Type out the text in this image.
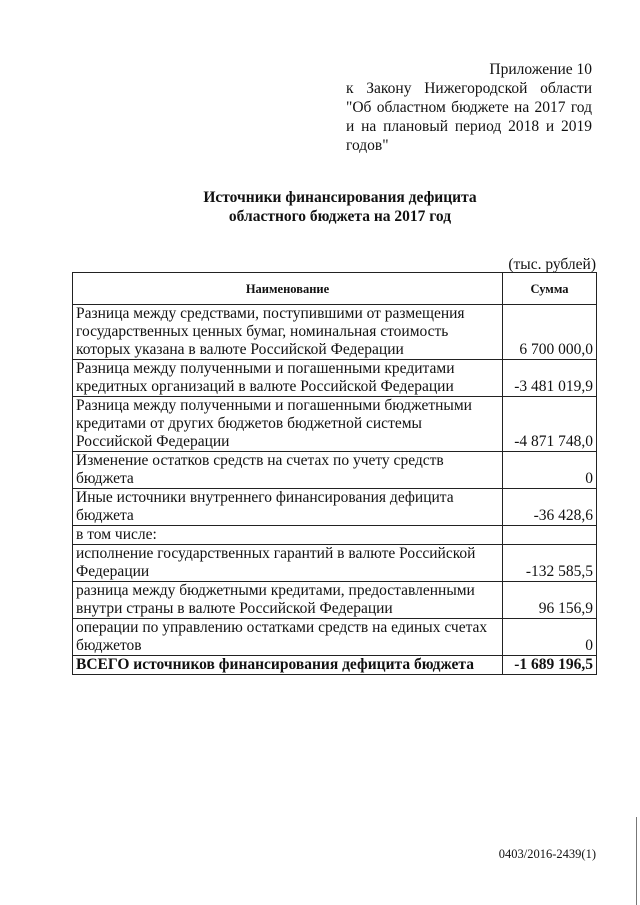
Приложение 10
к Закону Нижегородской области
"Об областном бюджете на 2017 год
и на плановый период 2018 и 2019
годов"
Источники финансирования дефицита
областного бюджета на 2017 год
(тыс. рублей)
Наименование	Сумма
Разница между средствами, поступившими от размещения государственных ценных бумаг, номинальная стоимость которых указана в валюте Российской Федерации	6 700 000,0
Разница между полученными и погашенными кредитами кредитных организаций в валюте Российской Федерации	-3 481 019,9
Разница между полученными и погашенными бюджетными кредитами от других бюджетов бюджетной системы Российской Федерации	-4 871 748,0
Изменение остатков средств на счетах по учету средств бюджета	0
Иные источники внутреннего финансирования дефицита бюджета	-36 428,6
в том числе:	
исполнение государственных гарантий в валюте Российской Федерации	-132 585,5
разница между бюджетными кредитами, предоставленными внутри страны в валюте Российской Федерации	96 156,9
операции по управлению остатками средств на единых счетах бюджетов	0
ВСЕГО источников финансирования дефицита бюджета	-1 689 196,5
0403/2016-2439(1)
